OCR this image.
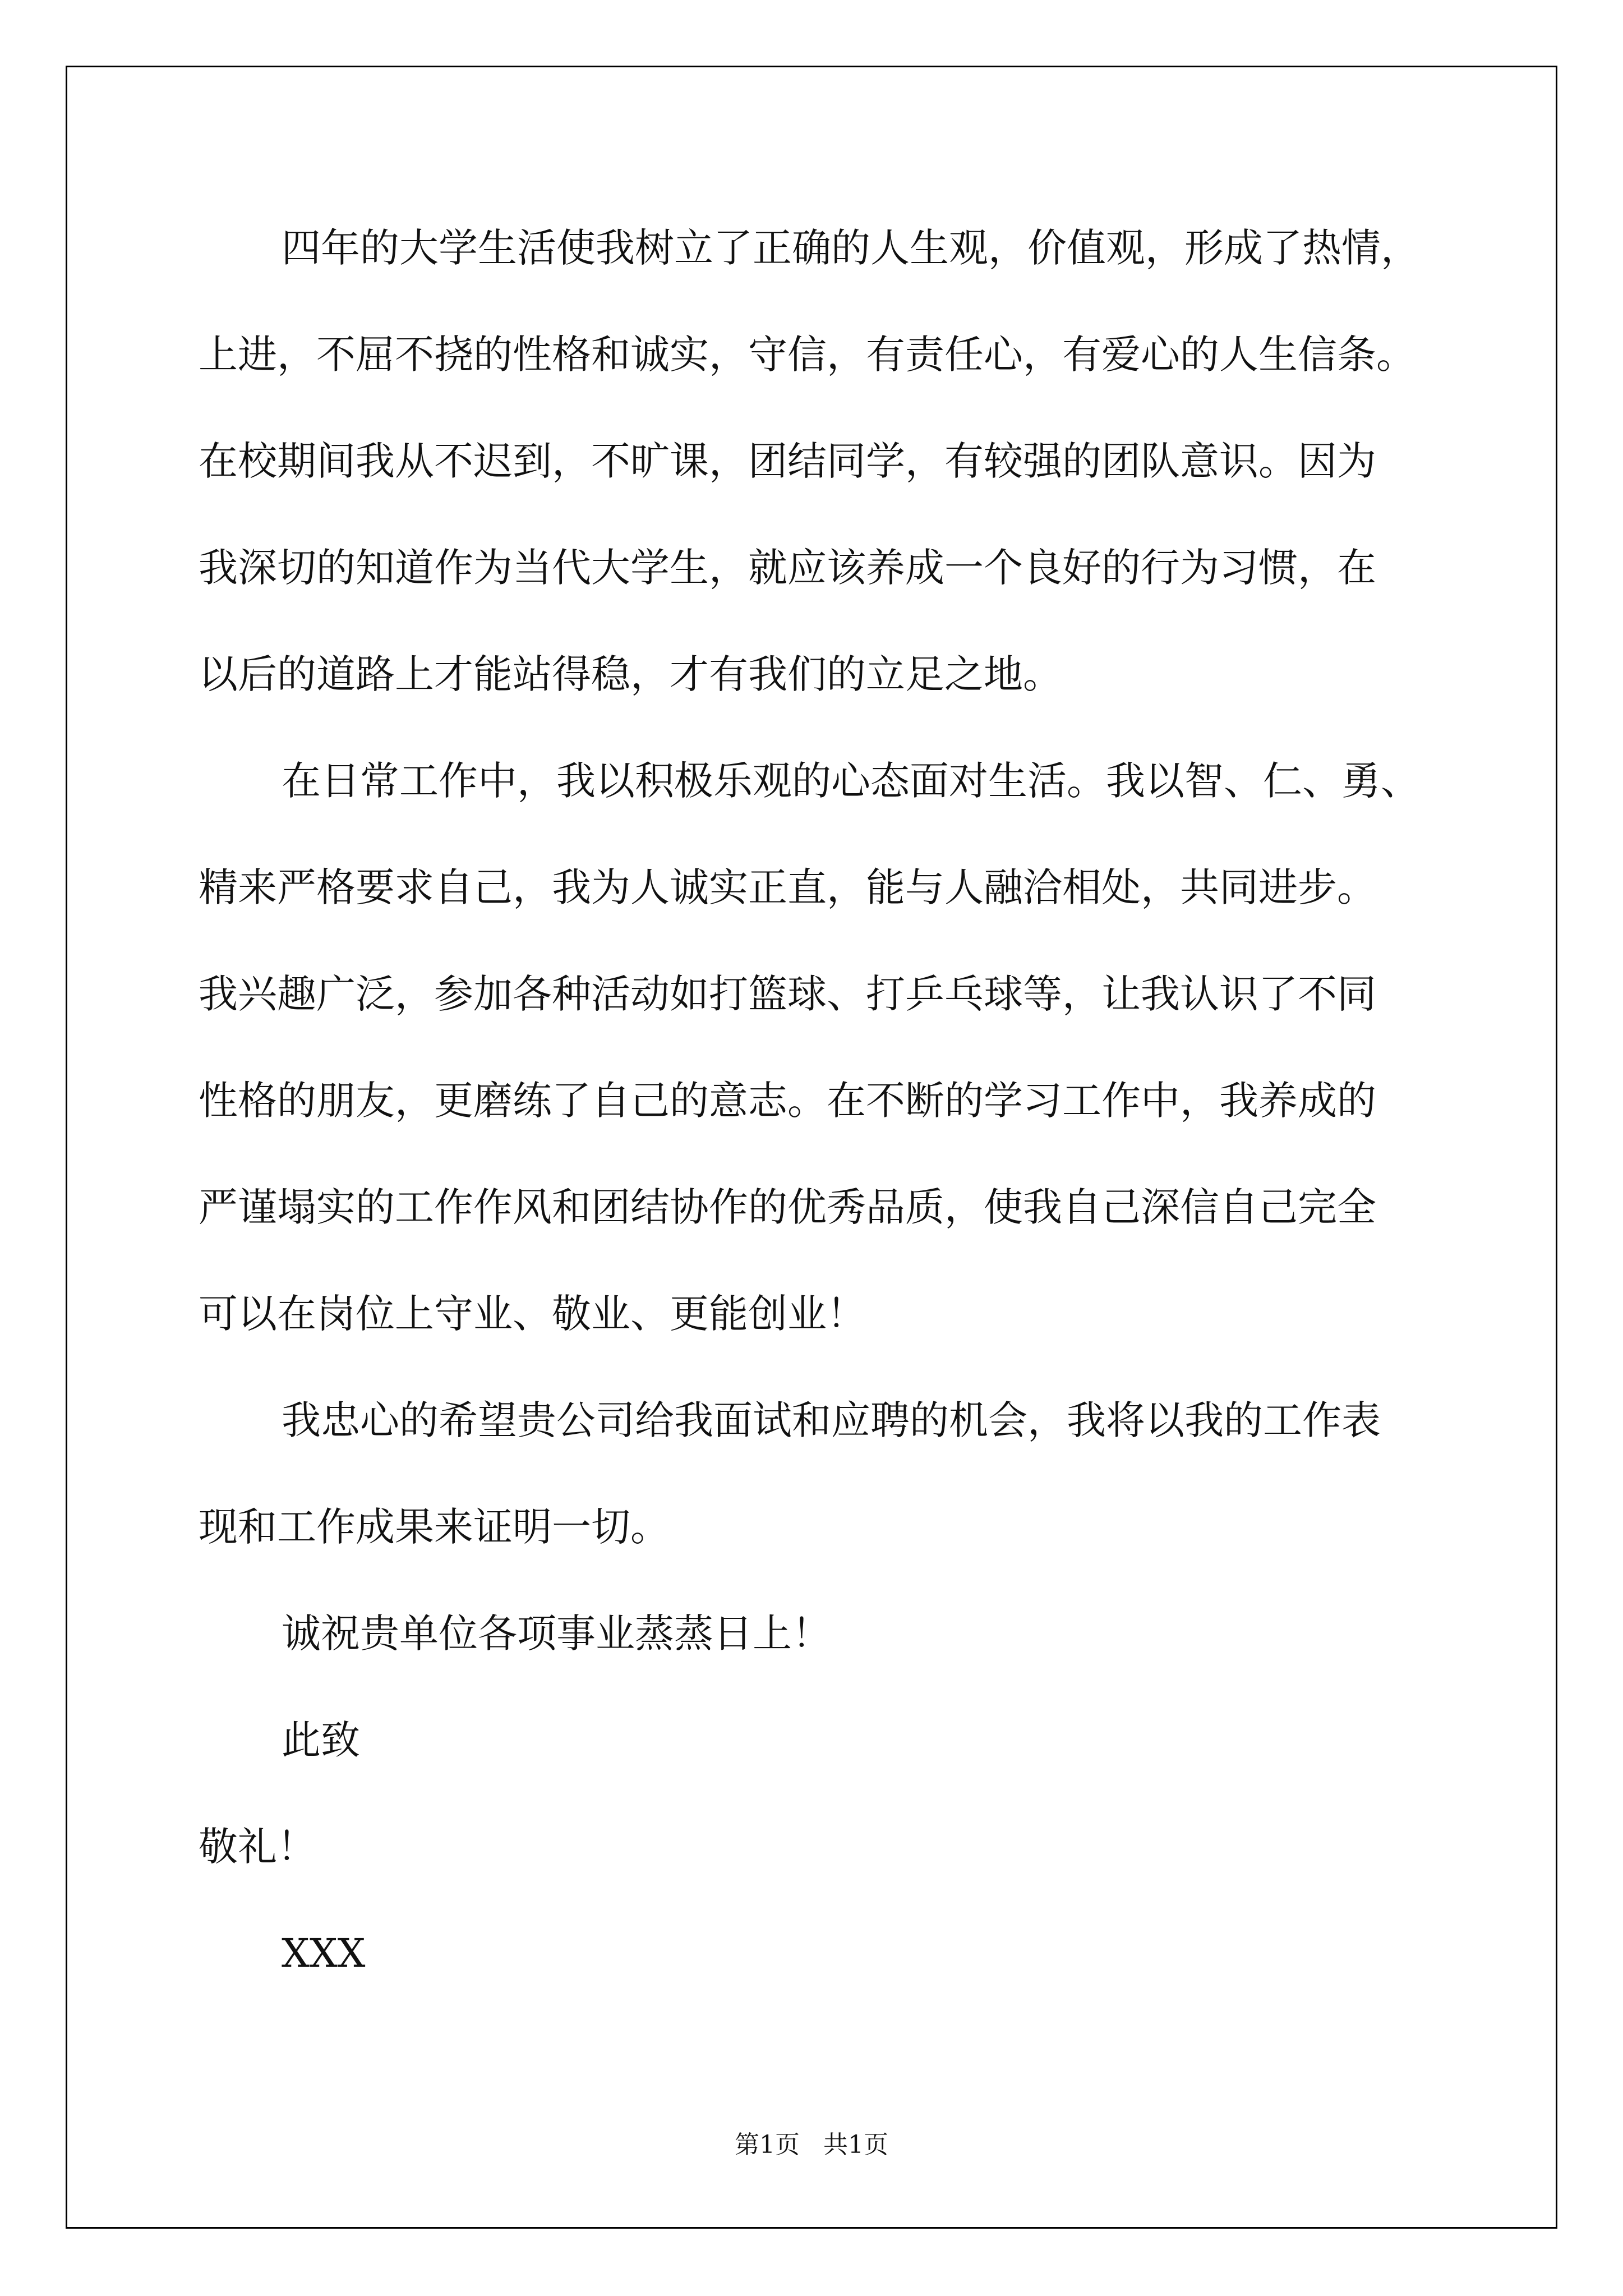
四年的大学生活使我树立了正确的人生观，价值观，形成了热情，
上进，不屈不挠的性格和诚实，守信，有责任心，有爱心的人生信条。
在校期间我从不迟到，不旷课，团结同学，有较强的团队意识。因为
我深切的知道作为当代大学生，就应该养成一个良好的行为习惯，在
以后的道路上才能站得稳，才有我们的立足之地。
在日常工作中，我以积极乐观的心态面对生活。我以智、仁、勇、
精来严格要求自己，我为人诚实正直，能与人融洽相处，共同进步。
我兴趣广泛，参加各种活动如打篮球、打乒乓球等，让我认识了不同
性格的朋友，更磨练了自己的意志。在不断的学习工作中，我养成的
严谨塌实的工作作风和团结协作的优秀品质，使我自己深信自己完全
可以在岗位上守业、敬业、更能创业！
我忠心的希望贵公司给我面试和应聘的机会，我将以我的工作表
现和工作成果来证明一切。
诚祝贵单位各项事业蒸蒸日上！
此致
敬礼！
XXX
第1页   共1页
